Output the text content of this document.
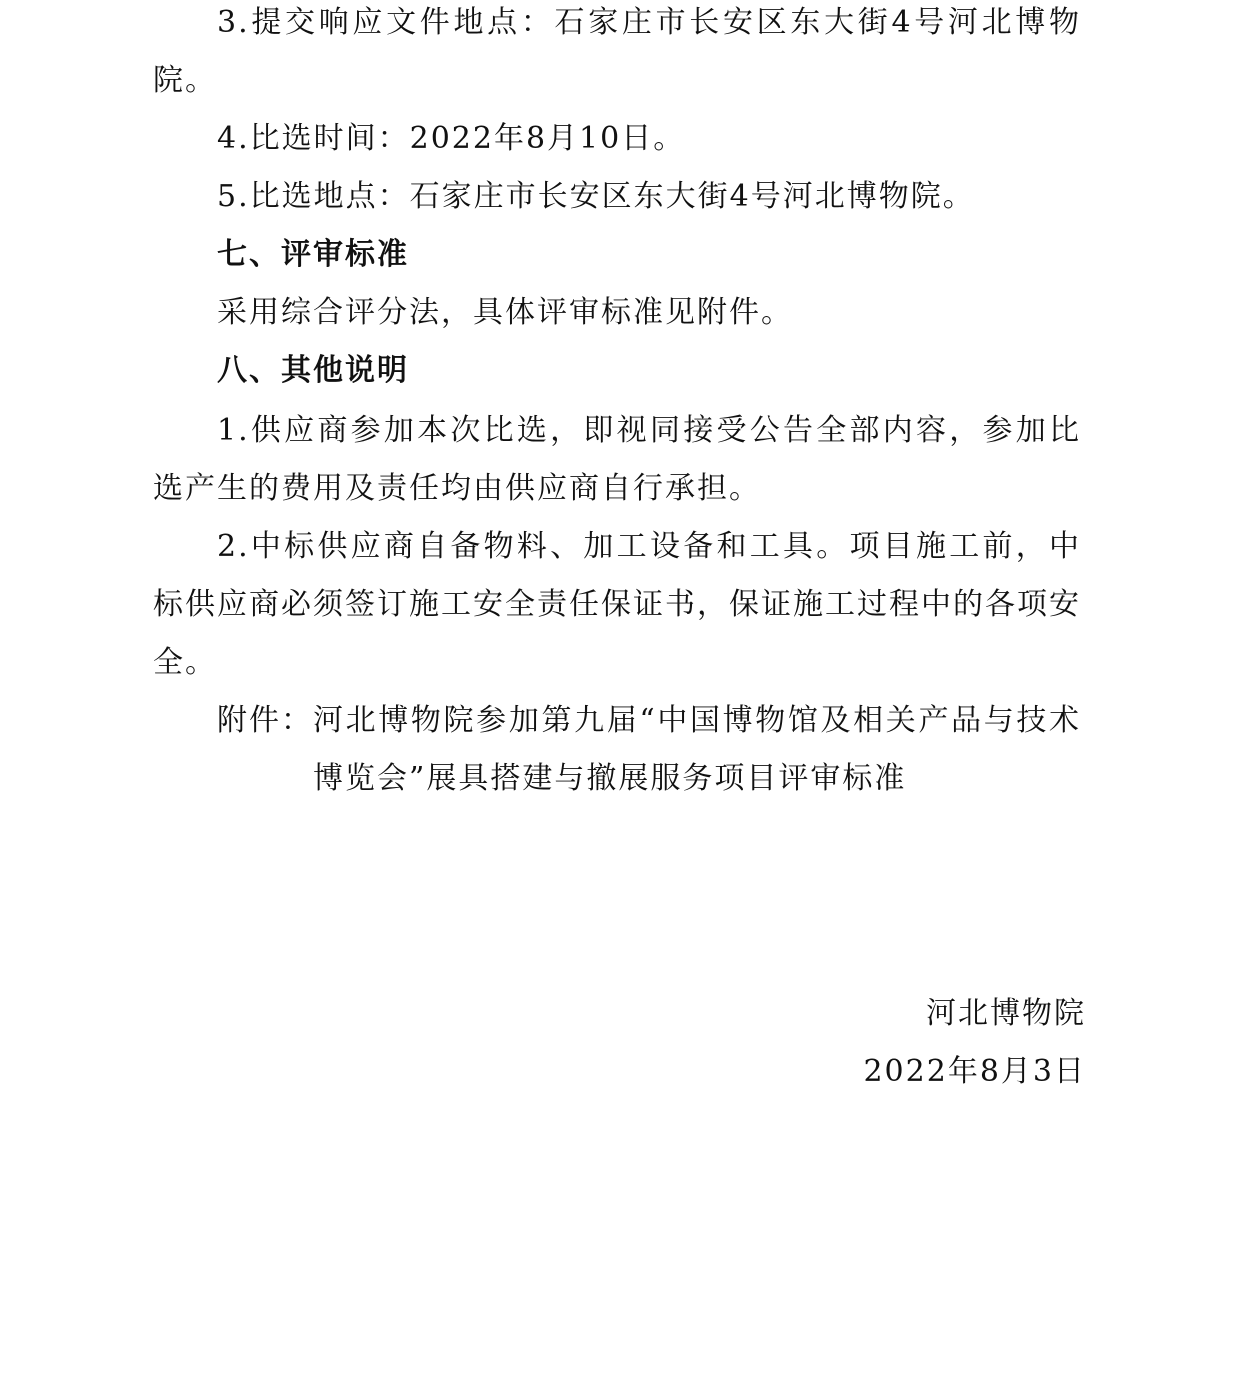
3.提交响应文件地点：石家庄市长安区东大街4号河北博物院。

4.比选时间：2022年8月10日。

5.比选地点：石家庄市长安区东大街4号河北博物院。

七、评审标准

采用综合评分法，具体评审标准见附件。

八、其他说明

1.供应商参加本次比选，即视同接受公告全部内容，参加比选产生的费用及责任均由供应商自行承担。

2.中标供应商自备物料、加工设备和工具。项目施工前，中标供应商必须签订施工安全责任保证书，保证施工过程中的各项安全。

附件： 河北博物院参加第九届“中国博物馆及相关产品与技术博览会”展具搭建与撤展服务项目评审标准

河北博物院

2022年8月3日
